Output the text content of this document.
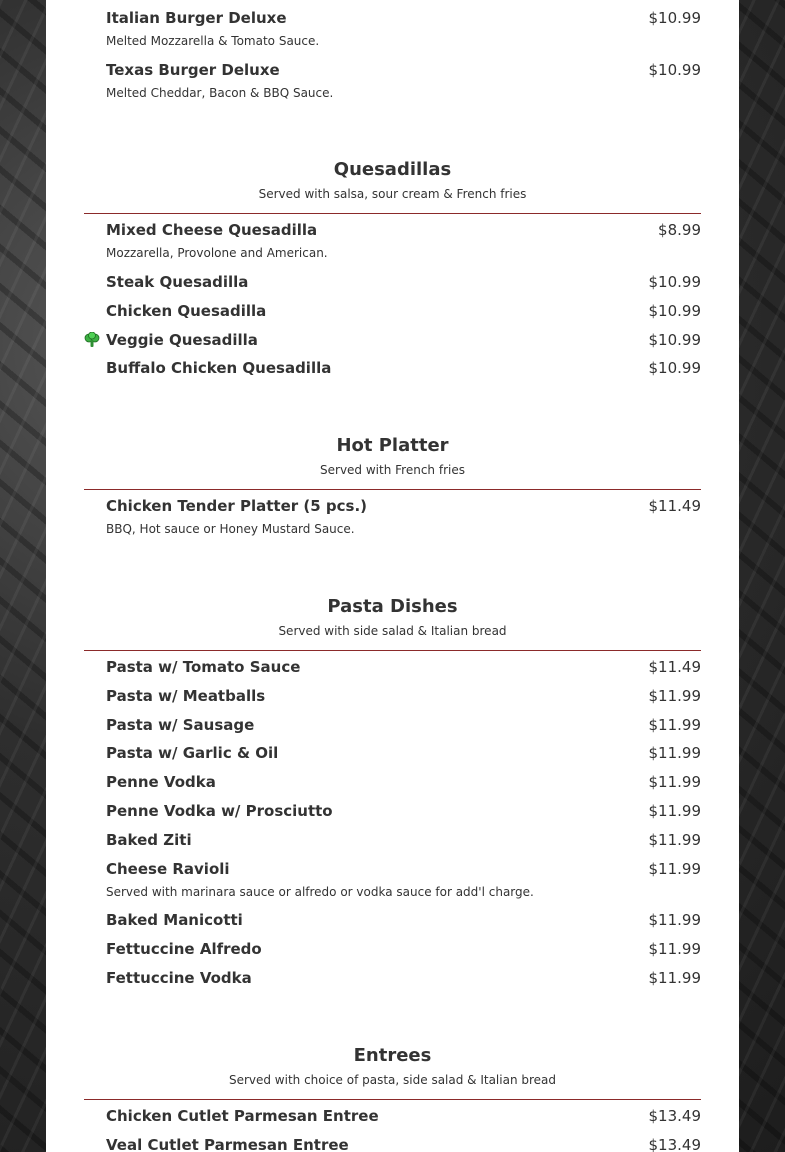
Italian Burger Deluxe	$10.99
Melted Mozzarella & Tomato Sauce.
Texas Burger Deluxe	$10.99
Melted Cheddar, Bacon & BBQ Sauce.
Quesadillas
Served with salsa, sour cream & French fries
Mixed Cheese Quesadilla	$8.99
Mozzarella, Provolone and American.
Steak Quesadilla	$10.99
Chicken Quesadilla	$10.99
Veggie Quesadilla	$10.99
Buffalo Chicken Quesadilla	$10.99
Hot Platter
Served with French fries
Chicken Tender Platter (5 pcs.)	$11.49
BBQ, Hot sauce or Honey Mustard Sauce.
Pasta Dishes
Served with side salad & Italian bread
Pasta w/ Tomato Sauce	$11.49
Pasta w/ Meatballs	$11.99
Pasta w/ Sausage	$11.99
Pasta w/ Garlic & Oil	$11.99
Penne Vodka	$11.99
Penne Vodka w/ Prosciutto	$11.99
Baked Ziti	$11.99
Cheese Ravioli	$11.99
Served with marinara sauce or alfredo or vodka sauce for add'l charge.
Baked Manicotti	$11.99
Fettuccine Alfredo	$11.99
Fettuccine Vodka	$11.99
Entrees
Served with choice of pasta, side salad & Italian bread
Chicken Cutlet Parmesan Entree	$13.49
Veal Cutlet Parmesan Entree	$13.49
